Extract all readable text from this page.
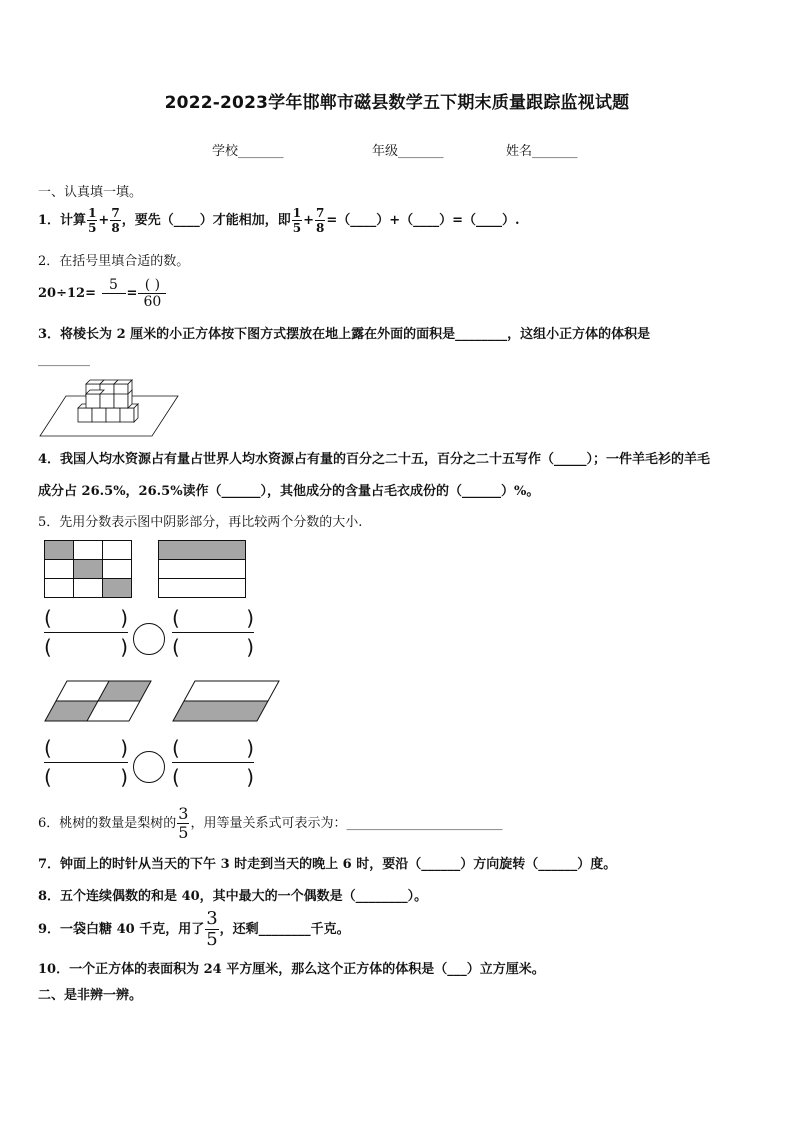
2022-2023学年邯郸市磁县数学五下期末质量跟踪监视试题
学校_______	年级_______	姓名_______
一、认真填一填。
1．计算 $\frac{1}{5} + \frac{7}{8}$ ，要先（____）才能相加，即 $\frac{1}{5} + \frac{7}{8}$ =（____）+（____）=（____）.
2．在括号里填合适的数。
20÷12=
5
= $\frac{( )}{60}$
3．将棱长为 2 厘米的小正方体按下图方式摆放在地上露在外面的面积是________，这组小正方体的体积是
________
4．我国人均水资源占有量占世界人均水资源占有量的百分之二十五，百分之二十五写作（_____）；一件羊毛衫的羊毛
成分占 26.5%，26.5%读作（______），其他成分的含量占毛衣成份的（______）%。
5．先用分数表示图中阴影部分，再比较两个分数的大小.
(	)
(	)
(	)
(	)
(	)
(	)
(	)
(	)
6．桃树的数量是梨树的 $\frac{3}{5}$ ，用等量关系式可表示为：________________________
7．钟面上的时针从当天的下午 3 时走到当天的晚上 6 时，要沿（______）方向旋转（______）度。
8．五个连续偶数的和是 40，其中最大的一个偶数是（________）。
9．一袋白糖 40 千克，用了 $\frac{3}{5}$ ，还剩________千克。
10．一个正方体的表面积为 24 平方厘米，那么这个正方体的体积是（___）立方厘米。
二、是非辨一辨。
